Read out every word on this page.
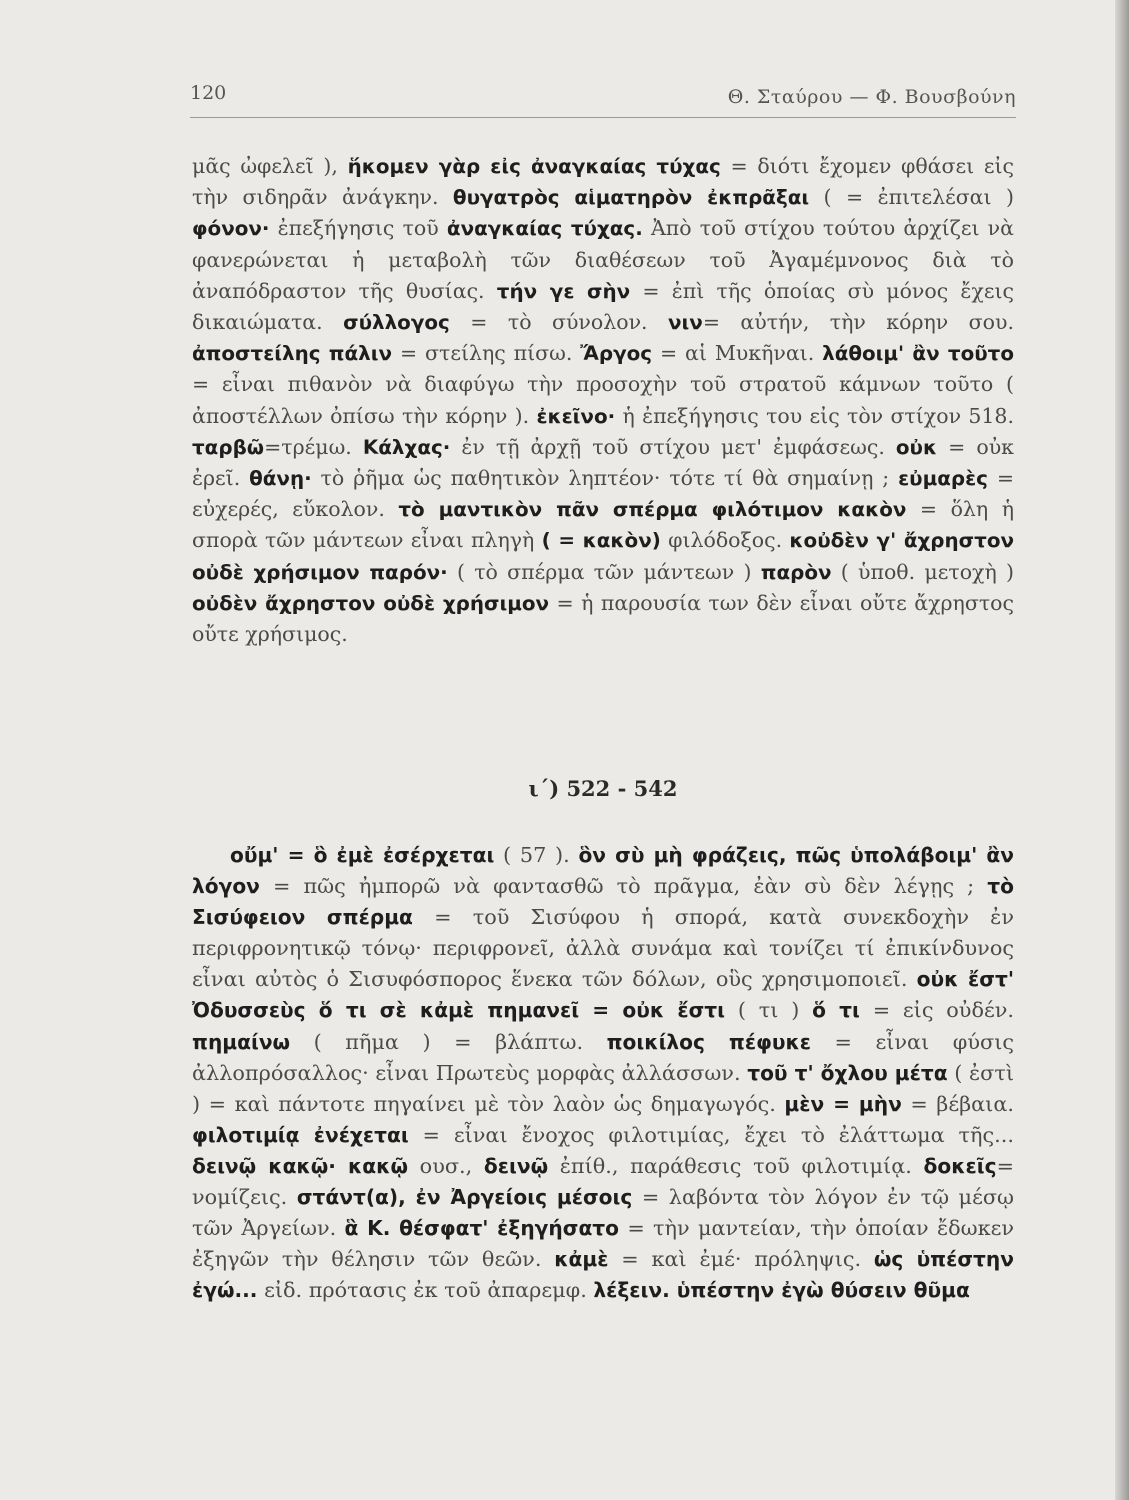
120	Θ. Σταύρου — Φ. Βουσβούνη

μᾶς ὠφελεῖ ), ἥκομεν γὰρ εἰς ἀναγκαίας τύχας = διότι ἔχομεν φθάσει εἰς τὴν σιδηρᾶν ἀνάγκην. θυγατρὸς αἱματηρὸν ἐκπρᾶξαι ( = ἐπιτελέσαι ) φόνον· ἐπεξήγησις τοῦ ἀναγκαίας τύχας. Ἀπὸ τοῦ στίχου τούτου ἀρχίζει νὰ φανερώνεται ἡ μεταβολὴ τῶν διαθέσεων τοῦ Ἀγαμέμνονος διὰ τὸ ἀναπόδραστον τῆς θυσίας. τήν γε σὴν = ἐπὶ τῆς ὁποίας σὺ μόνος ἔχεις δικαιώματα. σύλλογος = τὸ σύνολον. νιν= αὐτήν, τὴν κόρην σου. ἀποστείλης πάλιν = στείλης πίσω. Ἄργος = αἱ Μυκῆναι. λάθοιμ' ἂν τοῦτο = εἶναι πιθανὸν νὰ διαφύγω τὴν προσοχὴν τοῦ στρατοῦ κάμνων τοῦτο ( ἀποστέλλων ὀπίσω τὴν κόρην ). ἐκεῖνο· ἡ ἐπεξήγησις του εἰς τὸν στίχον 518. ταρβῶ=τρέμω. Κάλχας· ἐν τῇ ἀρχῇ τοῦ στίχου μετ' ἐμφάσεως. οὐκ = οὐκ ἐρεῖ. θάνῃ· τὸ ῥῆμα ὡς παθητικὸν ληπτέον· τότε τί θὰ σημαίνῃ ; εὐμαρὲς = εὐχερές, εὔκολον. τὸ μαντικὸν πᾶν σπέρμα φιλότιμον κακὸν = ὅλη ἡ σπορὰ τῶν μάντεων εἶναι πληγὴ ( = κακὸν) φιλόδοξος. κοὐδὲν γ' ἄχρηστον οὐδὲ χρήσιμον παρόν· ( τὸ σπέρμα τῶν μάντεων ) παρὸν ( ὑποθ. μετοχὴ ) οὐδὲν ἄχρηστον οὐδὲ χρήσιμον = ἡ παρουσία των δὲν εἶναι οὔτε ἄχρηστος οὔτε χρήσιμος.

ι΄) 522 - 542

οὔμ' = ὃ ἐμὲ ἐσέρχεται ( 57 ). ὃν σὺ μὴ φράζεις, πῶς ὑπολάβοιμ' ἂν λόγον = πῶς ἠμπορῶ νὰ φαντασθῶ τὸ πρᾶγμα, ἐὰν σὺ δὲν λέγῃς ; τὸ Σισύφειον σπέρμα = τοῦ Σισύφου ἡ σπορά, κατὰ συνεκδοχὴν ἐν περιφρονητικῷ τόνῳ· περιφρονεῖ, ἀλλὰ συνάμα καὶ τονίζει τί ἐπικίνδυνος εἶναι αὐτὸς ὁ Σισυφόσπορος ἕνεκα τῶν δόλων, οὓς χρησιμοποιεῖ. οὐκ ἔστ' Ὀδυσσεὺς ὅ τι σὲ κἀμὲ πημανεῖ = οὐκ ἔστι ( τι ) ὅ τι = εἰς οὐδέν. πημαίνω ( πῆμα ) = βλάπτω. ποικίλος πέφυκε = εἶναι φύσις ἀλλοπρόσαλλος· εἶναι Πρωτεὺς μορφὰς ἀλλάσσων. τοῦ τ' ὄχλου μέτα ( ἐστὶ ) = καὶ πάντοτε πηγαίνει μὲ τὸν λαὸν ὡς δημαγωγός. μὲν = μὴν = βέβαια. φιλοτιμίᾳ ἐνέχεται = εἶναι ἔνοχος φιλοτιμίας, ἔχει τὸ ἐλάττωμα τῆς... δεινῷ κακῷ· κακῷ ουσ., δεινῷ ἐπίθ., παράθεσις τοῦ φιλοτιμίᾳ. δοκεῖς= νομίζεις. στάντ(α), ἐν Ἀργείοις μέσοις = λαβόντα τὸν λόγον ἐν τῷ μέσῳ τῶν Ἀργείων. ἃ Κ. θέσφατ' ἐξηγήσατο = τὴν μαντείαν, τὴν ὁποίαν ἔδωκεν ἐξηγῶν τὴν θέλησιν τῶν θεῶν. κἀμὲ = καὶ ἐμέ· πρόληψις. ὡς ὑπέστην ἐγώ... εἰδ. πρότασις ἐκ τοῦ ἀπαρεμφ. λέξειν. ὑπέστην ἐγὼ θύσειν θῦμα
